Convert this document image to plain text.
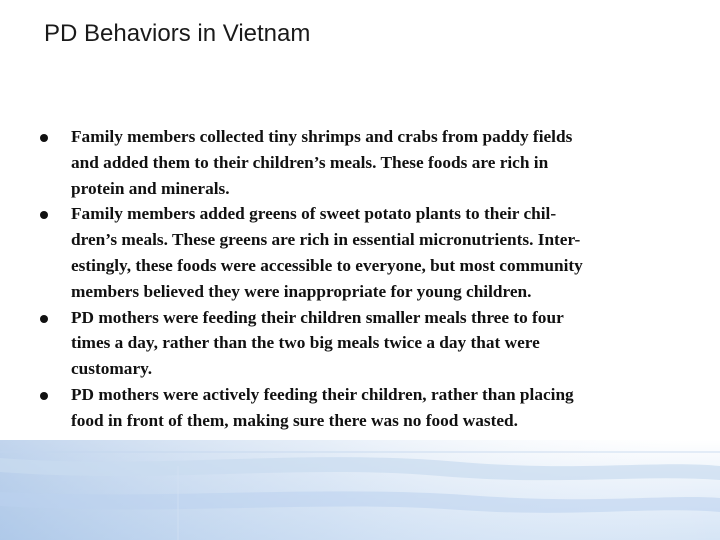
PD Behaviors in Vietnam
Family members collected tiny shrimps and crabs from paddy fields
and added them to their children’s meals. These foods are rich in
protein and minerals.
Family members added greens of sweet potato plants to their chil-
dren’s meals. These greens are rich in essential micronutrients. Inter-
estingly, these foods were accessible to everyone, but most community
members believed they were inappropriate for young children.
PD mothers were feeding their children smaller meals three to four
times a day, rather than the two big meals twice a day that were
customary.
PD mothers were actively feeding their children, rather than placing
food in front of them, making sure there was no food wasted.
